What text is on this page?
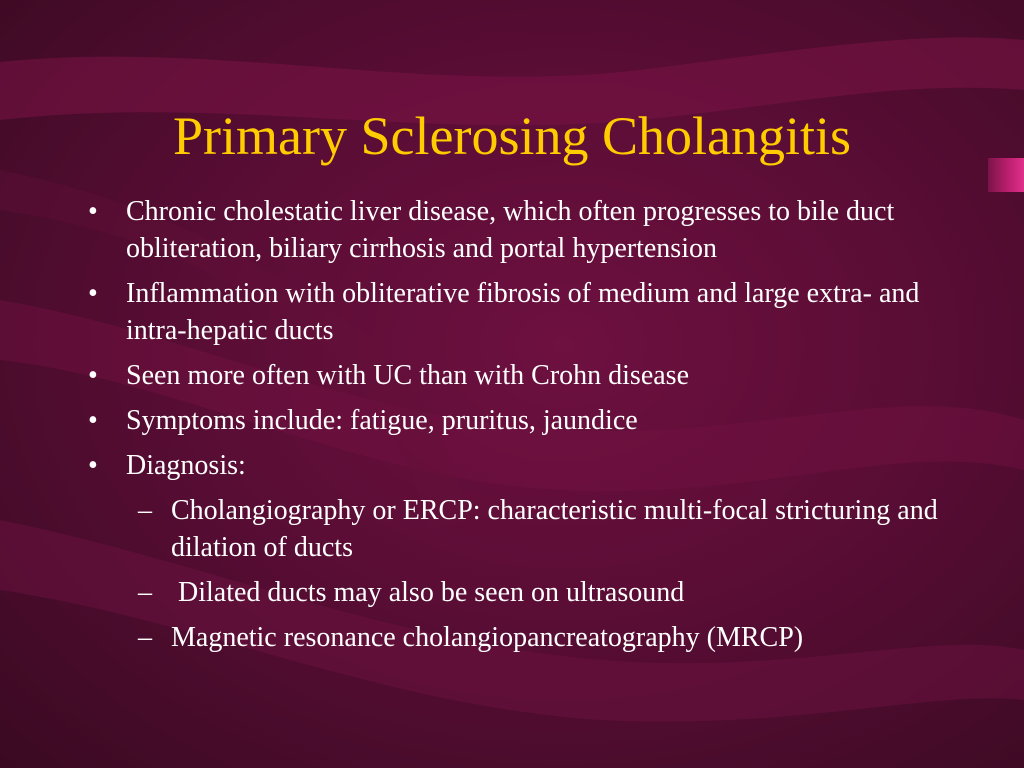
Primary Sclerosing Cholangitis
• Chronic cholestatic liver disease, which often progresses to bile duct obliteration, biliary cirrhosis and portal hypertension
• Inflammation with obliterative fibrosis of medium and large extra- and intra-hepatic ducts
• Seen more often with UC than with Crohn disease
• Symptoms include: fatigue, pruritus, jaundice
• Diagnosis:
– Cholangiography or ERCP: characteristic multi-focal stricturing and dilation of ducts
– Dilated ducts may also be seen on ultrasound
– Magnetic resonance cholangiopancreatography (MRCP)
